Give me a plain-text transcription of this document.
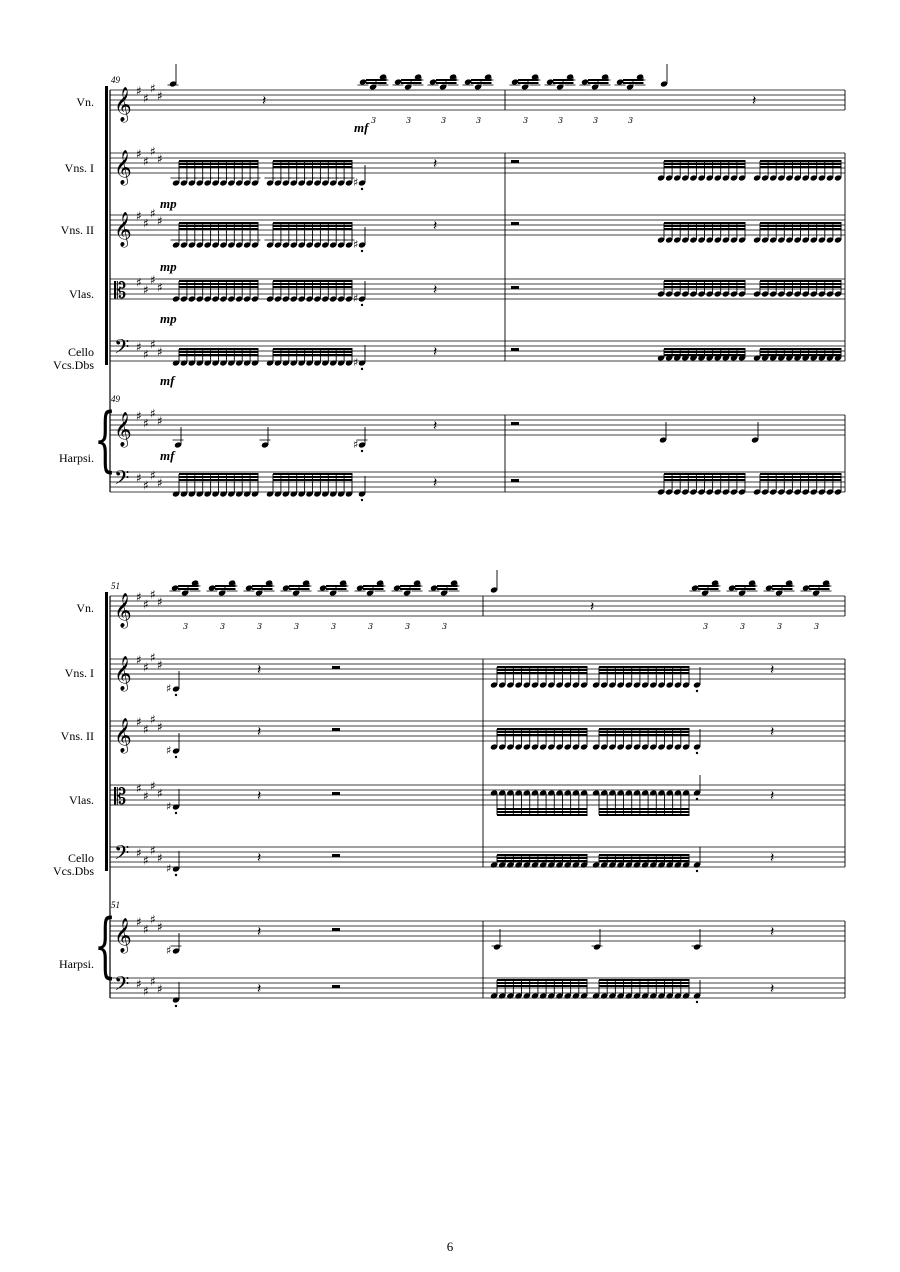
{
𝄞 ♯
♯
♯
♯
𝄞 ♯
♯
♯
♯
𝄞 ♯
♯
♯
♯
𝄡 ♯
♯
♯
♯
𝄢 ♯
♯
♯
♯
𝄞 ♯
♯
♯
♯
𝄢 ♯
♯
♯
♯
𝄽
3	3	3	3	3	3	3	3
𝄽
♯
𝄽
♯
𝄽
♯
𝄽
♯
𝄽
♯
𝄽
𝄽
{
𝄞 ♯
♯
♯
♯
𝄞 ♯
♯
♯
♯
𝄞 ♯
♯
♯
♯
𝄡 ♯
♯
♯
♯
𝄢 ♯
♯
♯
♯
𝄞 ♯
♯
♯
♯
𝄢 ♯
♯
♯
♯
3	3	3	3	3	3	3	3
𝄽
3	3	3	3
♯
𝄽	𝄽
♯
𝄽	𝄽
♯
𝄽	𝄽
♯
𝄽	𝄽
♯
𝄽	𝄽
𝄽	𝄽
Vn.
Vns. I
Vns. II
Vlas.
Cello
Vcs.Dbs
Harpsi.
49
49
mf
mp
mp
mp
mf
mf
Vn.
Vns. I
Vns. II
Vlas.
Cello
Vcs.Dbs
Harpsi.
51
51
6
